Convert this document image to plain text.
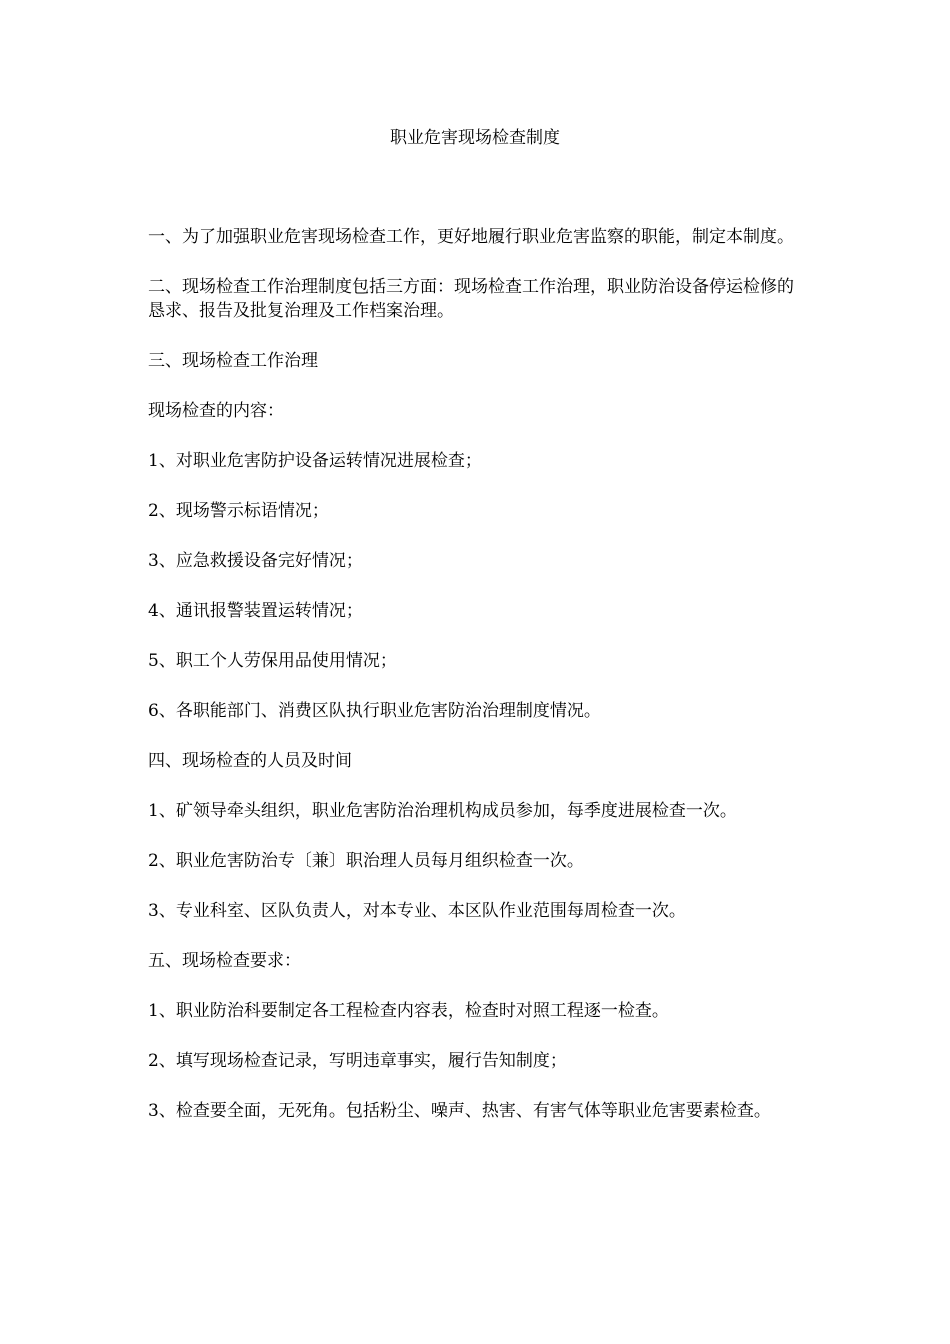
职业危害现场检查制度

一、为了加强职业危害现场检查工作，更好地履行职业危害监察的职能，制定本制度。

二、现场检查工作治理制度包括三方面：现场检查工作治理，职业防治设备停运检修的恳求、报告及批复治理及工作档案治理。

三、现场检查工作治理

现场检查的内容：

1、对职业危害防护设备运转情况进展检查；

2、现场警示标语情况；

3、应急救援设备完好情况；

4、通讯报警装置运转情况；

5、职工个人劳保用品使用情况；

6、各职能部门、消费区队执行职业危害防治治理制度情况。

四、现场检查的人员及时间

1、矿领导牵头组织，职业危害防治治理机构成员参加，每季度进展检查一次。

2、职业危害防治专〔兼〕职治理人员每月组织检查一次。

3、专业科室、区队负责人，对本专业、本区队作业范围每周检查一次。

五、现场检查要求：

1、职业防治科要制定各工程检查内容表，检查时对照工程逐一检查。

2、填写现场检查记录，写明违章事实，履行告知制度；

3、检查要全面，无死角。包括粉尘、噪声、热害、有害气体等职业危害要素检查。
